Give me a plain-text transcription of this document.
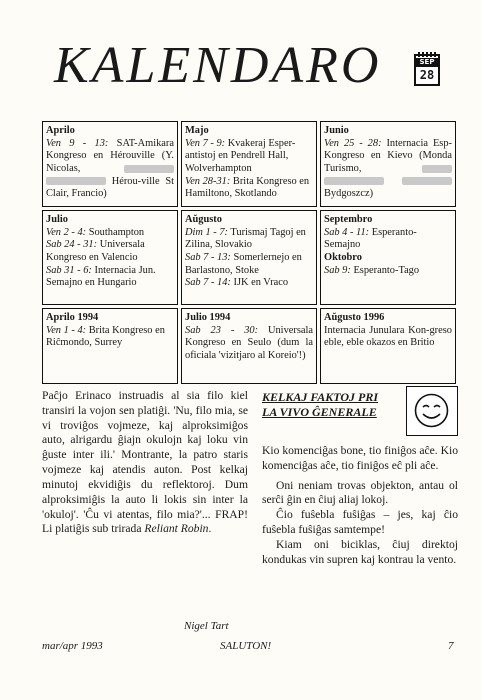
KALENDARO	SEP
28
Aprilo
Ven 9 - 13: SAT-Amikara Kongreso en Hérouville (Y. Nicolas,   Hérou-ville St Clair, Francio)
Majo
Ven 7 - 9: Kvakeraj Esper-antistoj en Pendrell Hall, Wolverhampton
Ven 28-31: Brita Kongreso en Hamiltono, Skotlando
Junio
Ven 25 - 28: Internacia Esp-Kongreso en Kievo (Monda Turismo,    Bydgoszcz)
Julio
Ven 2 - 4: Southampton
Sab 24 - 31: Universala Kongreso en Valencio
Sab 31 - 6: Internacia Jun. Semajno en Hungario
Aŭgusto
Dim 1 - 7: Turismaj Tagoj en Zilina, Slovakio
Sab 7 - 13: Somerlernejo en Barlastono, Stoke
Sab 7 - 14: IJK en Vraco
Septembro
Sab 4 - 11: Esperanto-Semajno
Oktobro
Sab 9: Esperanto-Tago
Aprilo 1994
Ven 1 - 4: Brita Kongreso en Riĉmondo, Surrey
Julio 1994
Sab 23 - 30: Universala Kongreso en Seulo (dum la oficiala 'vizitjaro al Koreio'!)
Aŭgusto 1996
Internacia Junulara Kon-greso eble, eble okazos en Britio
Paĉjo Erinaco instruadis al sia filo kiel transiri la vojon sen platiĝi. 'Nu, filo mia, se vi troviĝos vojmeze, kaj alproksimiĝos auto, alrigardu ĝiajn okulojn kaj loku vin ĝuste inter ili.' Montrante, la patro staris vojmeze kaj atendis auton. Post kelkaj minutoj ekvidiĝis du reflektoroj. Dum alproksimiĝis la auto li lokis sin inter la 'okuloj'. 'Ĉu vi atentas, filo mia?'... FRAP! Li platiĝis sub trirada Reliant Robin.
Nigel Tart
KELKAJ FAKTOJ PRI
LA VIVO ĜENERALE

Kio komenciĝas bone, tio finiĝos aĉe. Kio komenciĝas aĉe, tio finiĝos eĉ pli aĉe.

Oni neniam trovas objekton, antau ol serĉi ĝin en ĉiuj aliaj lokoj.

Ĉio fuŝebla fuŝiĝas – jes, kaj ĉio fuŝebla fuŝiĝas samtempe!

Kiam oni biciklas, ĉiuj direktoj kondukas vin supren kaj kontrau la vento.

mar/apr 1993	SALUTON!	7
